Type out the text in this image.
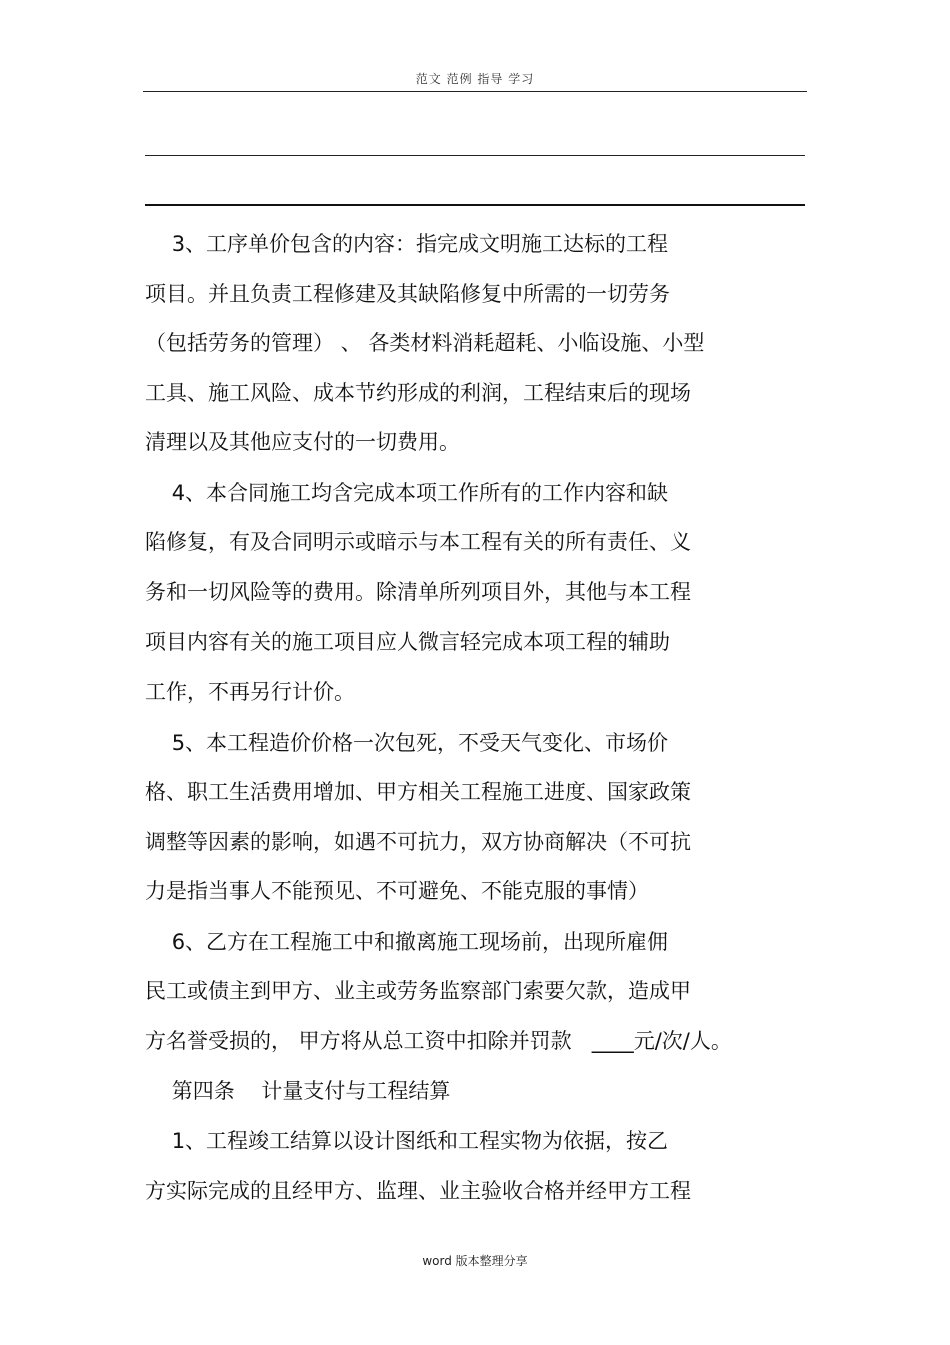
范文 范例 指导 学习
3、工序单价包含的内容：指完成文明施工达标的工程
项目。并且负责工程修建及其缺陷修复中所需的一切劳务
（包括劳务的管理） 、 各类材料消耗超耗、小临设施、小型
工具、施工风险、成本节约形成的利润，工程结束后的现场
清理以及其他应支付的一切费用。
4、本合同施工均含完成本项工作所有的工作内容和缺
陷修复，有及合同明示或暗示与本工程有关的所有责任、义
务和一切风险等的费用。除清单所列项目外，其他与本工程
项目内容有关的施工项目应人微言轻完成本项工程的辅助
工作，不再另行计价。
5、本工程造价价格一次包死，不受天气变化、市场价
格、职工生活费用增加、甲方相关工程施工进度、国家政策
调整等因素的影响，如遇不可抗力，双方协商解决（不可抗
力是指当事人不能预见、不可避免、不能克服的事情）
6、乙方在工程施工中和撤离施工现场前，出现所雇佣
民工或债主到甲方、业主或劳务监察部门索要欠款，造成甲
方名誉受损的， 甲方将从总工资中扣除并罚款   ____元/次/人。
第四条    计量支付与工程结算
1、工程竣工结算以设计图纸和工程实物为依据，按乙
方实际完成的且经甲方、监理、业主验收合格并经甲方工程
word 版本整理分享
